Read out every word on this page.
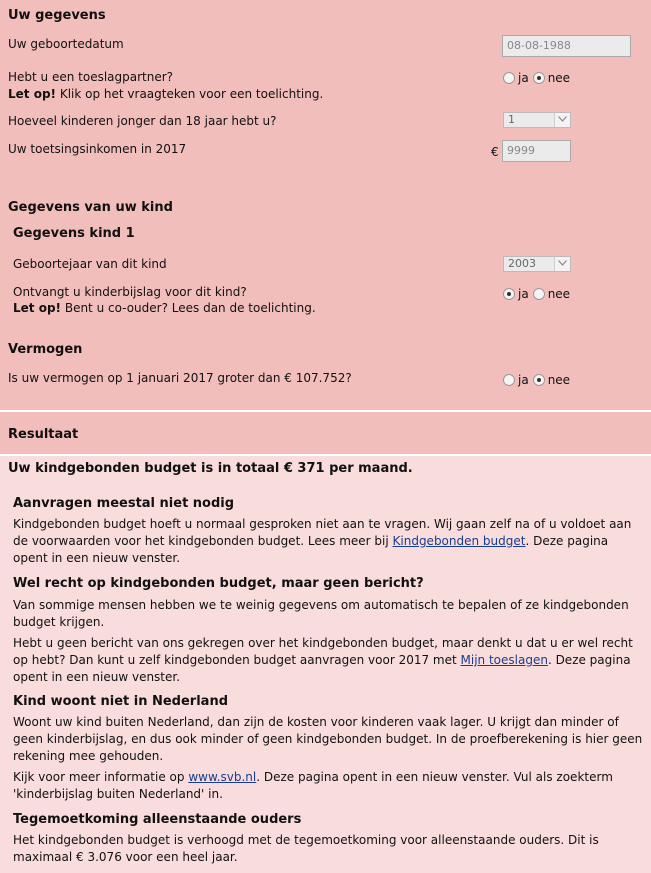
Uw gegevens
Uw geboortedatum	08-08-1988
Hebt u een toeslagpartner?
Let op! Klik op het vraagteken voor een toelichting.
ja nee
Hoeveel kinderen jonger dan 18 jaar hebt u?	1
Uw toetsingsinkomen in 2017	€ 9999
Gegevens van uw kind
Gegevens kind 1
Geboortejaar van dit kind	2003
Ontvangt u kinderbijslag voor dit kind?
Let op! Bent u co-ouder? Lees dan de toelichting.
ja nee
Vermogen
Is uw vermogen op 1 januari 2017 groter dan € 107.752?	ja nee
Resultaat
Uw kindgebonden budget is in totaal € 371 per maand.
Aanvragen meestal niet nodig
Kindgebonden budget hoeft u normaal gesproken niet aan te vragen. Wij gaan zelf na of u voldoet aan de voorwaarden voor het kindgebonden budget. Lees meer bij Kindgebonden budget. Deze pagina opent in een nieuw venster.
Wel recht op kindgebonden budget, maar geen bericht?
Van sommige mensen hebben we te weinig gegevens om automatisch te bepalen of ze kindgebonden budget krijgen.
Hebt u geen bericht van ons gekregen over het kindgebonden budget, maar denkt u dat u er wel recht op hebt? Dan kunt u zelf kindgebonden budget aanvragen voor 2017 met Mijn toeslagen. Deze pagina opent in een nieuw venster.
Kind woont niet in Nederland
Woont uw kind buiten Nederland, dan zijn de kosten voor kinderen vaak lager. U krijgt dan minder of geen kinderbijslag, en dus ook minder of geen kindgebonden budget. In de proefberekening is hier geen rekening mee gehouden.
Kijk voor meer informatie op www.svb.nl. Deze pagina opent in een nieuw venster. Vul als zoekterm 'kinderbijslag buiten Nederland' in.
Tegemoetkoming alleenstaande ouders
Het kindgebonden budget is verhoogd met de tegemoetkoming voor alleenstaande ouders. Dit is maximaal € 3.076 voor een heel jaar.
